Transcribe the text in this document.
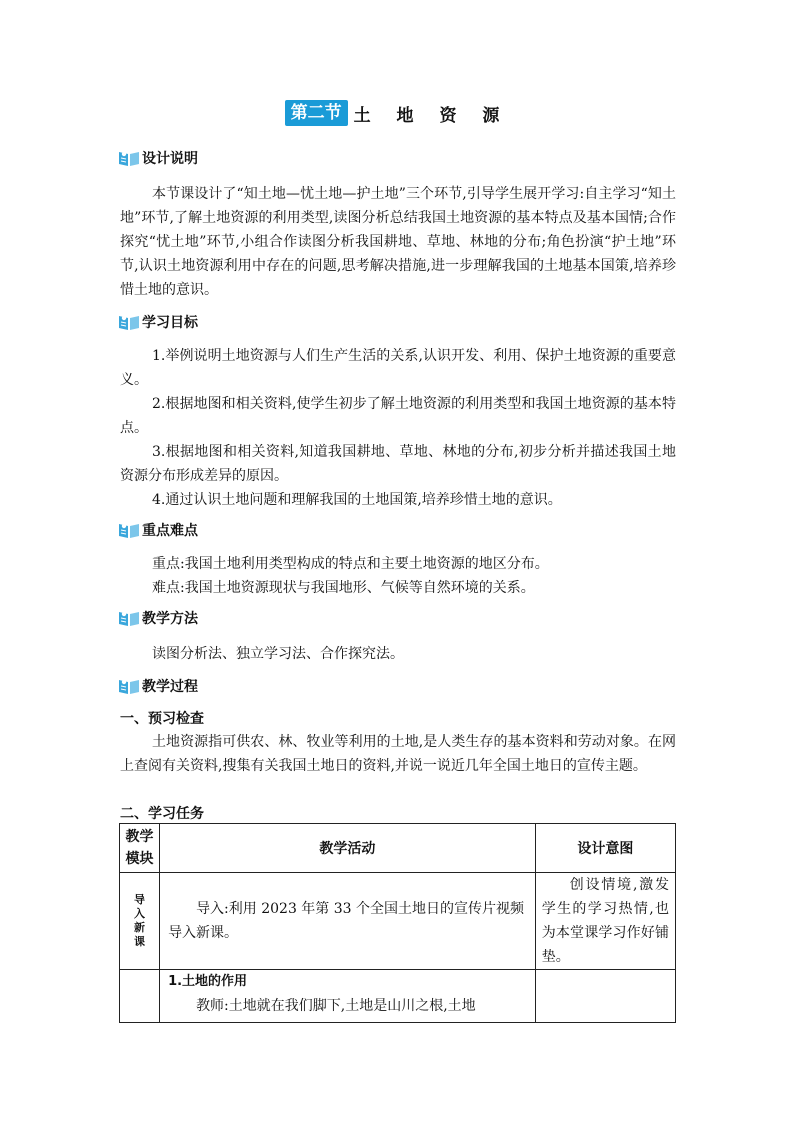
第二节 土 地 资 源
设计说明

本节课设计了“知土地—忧土地—护土地”三个环节,引导学生展开学习:自主学习“知土地”环节,了解土地资源的利用类型,读图分析总结我国土地资源的基本特点及基本国情;合作探究“忧土地”环节,小组合作读图分析我国耕地、草地、林地的分布;角色扮演“护土地”环节,认识土地资源利用中存在的问题,思考解决措施,进一步理解我国的土地基本国策,培养珍惜土地的意识。

学习目标

1.举例说明土地资源与人们生产生活的关系,认识开发、利用、保护土地资源的重要意义。

2.根据地图和相关资料,使学生初步了解土地资源的利用类型和我国土地资源的基本特点。

3.根据地图和相关资料,知道我国耕地、草地、林地的分布,初步分析并描述我国土地资源分布形成差异的原因。

4.通过认识土地问题和理解我国的土地国策,培养珍惜土地的意识。

重点难点

重点:我国土地利用类型构成的特点和主要土地资源的地区分布。

难点:我国土地资源现状与我国地形、气候等自然环境的关系。

教学方法

读图分析法、独立学习法、合作探究法。

教学过程
一、预习检查

土地资源指可供农、林、牧业等利用的土地,是人类生存的基本资料和劳动对象。在网上查阅有关资料,搜集有关我国土地日的资料,并说一说近几年全国土地日的宣传主题。

二、学习任务
教学模块	教学活动	设计意图
导入新课	导入:利用 2023 年第 33 个全国土地日的宣传片视频导入新课。	创设情境,激发学生的学习热情,也为本堂课学习作好铺垫。

	1.土地的作用

教师:土地就在我们脚下,土地是山川之根,土地	
